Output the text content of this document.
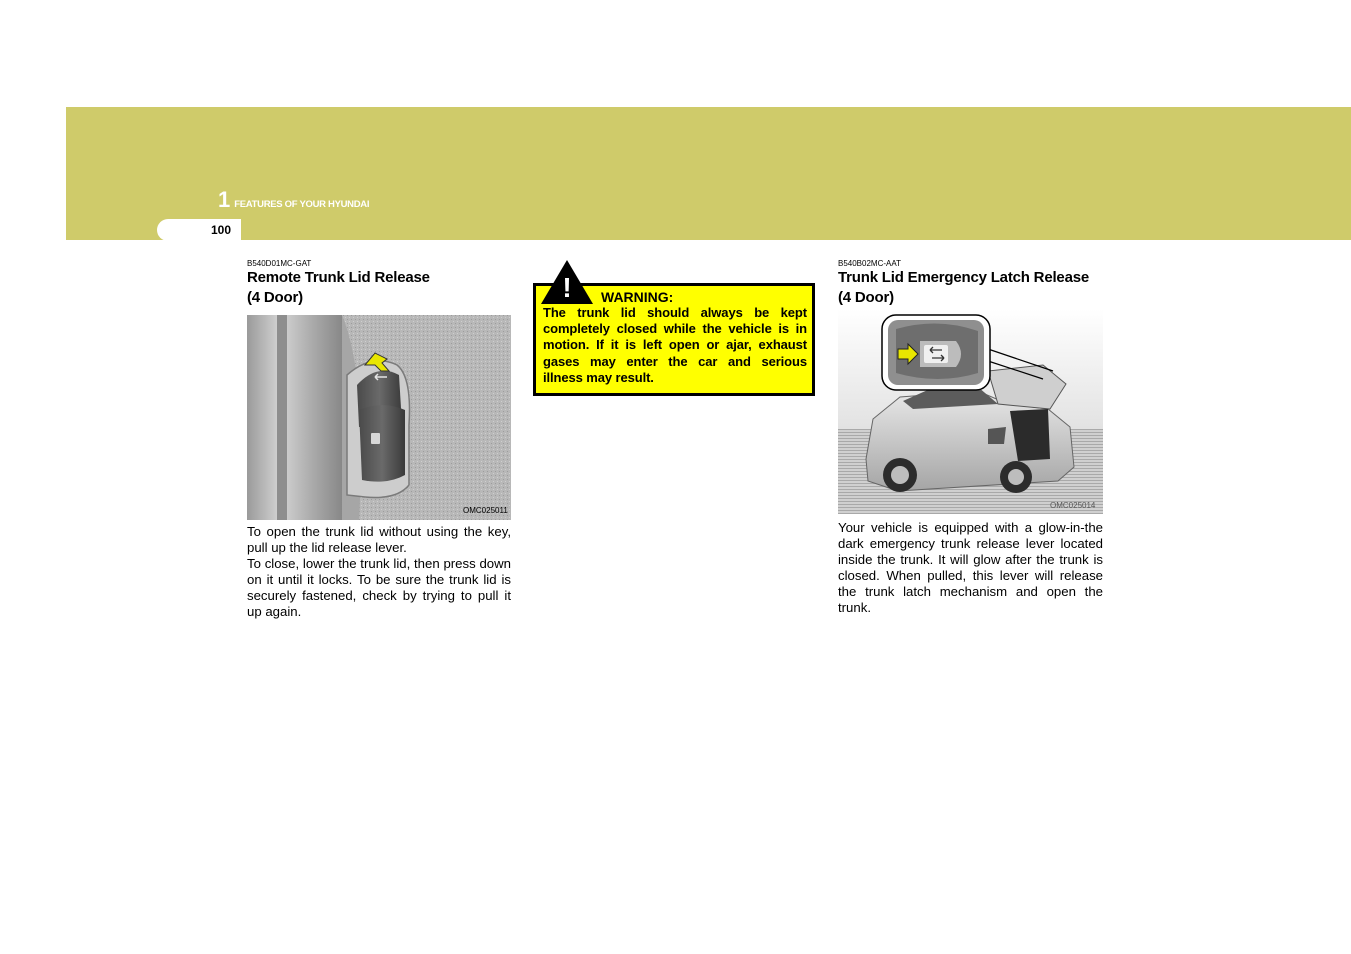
1 FEATURES OF YOUR HYUNDAI
100
B540D01MC-GAT
Remote Trunk Lid Release
(4 Door)
OMC025011

To open the trunk lid without using the key, pull up the lid release lever.

To close, lower the trunk lid, then press down on it until it locks. To be sure the trunk lid is securely fastened, check by trying to pull it up again.

! WARNING:

The trunk lid should always be kept completely closed while the vehicle is in motion. If it is left open or ajar, exhaust gases may enter the car and serious illness may result.

B540B02MC-AAT
Trunk Lid Emergency Latch Release
(4 Door)
OMC025014

Your vehicle is equipped with a glow-in-the dark emergency trunk release lever located inside the trunk. It will glow after the trunk is closed. When pulled, this lever will release the trunk latch mechanism and open the trunk.
